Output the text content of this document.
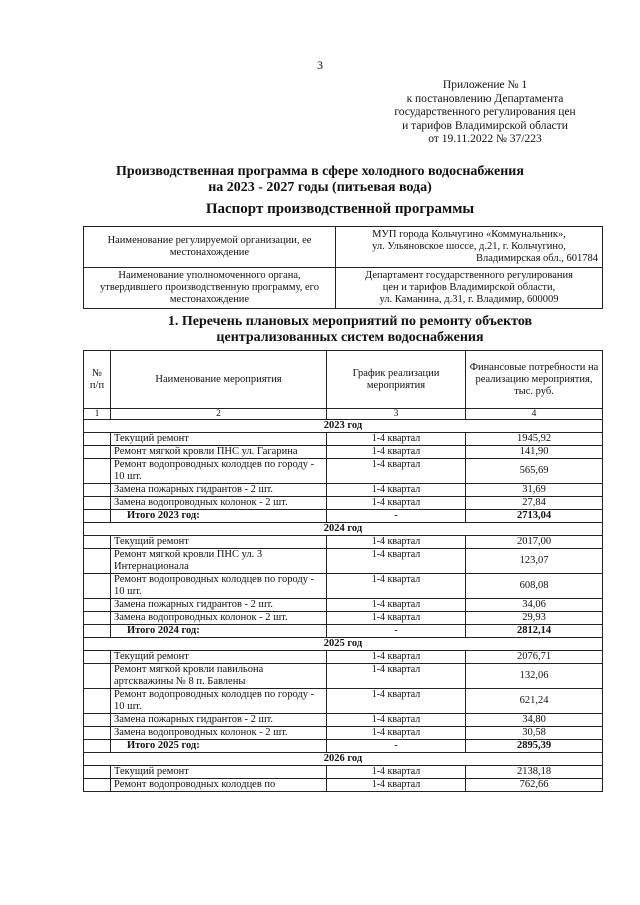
3
Приложение № 1
к постановлению Департамента
государственного регулирования цен
и тарифов Владимирской области
от 19.11.2022 № 37/223
Производственная программа в сфере холодного водоснабжения
на 2023 - 2027 годы (питьевая вода)
Паспорт производственной программы
Наименование регулируемой организации, ее местонахождение	МУП города Кольчугино «Коммунальник»,
ул. Ульяновское шоссе, д.21, г. Кольчугино,
Владимирская обл., 601784

Наименование уполномоченного органа, утвердившего производственную программу, его местонахождение	Департамент государственного регулирования
цен и тарифов Владимирской области,
ул. Каманина, д.31, г. Владимир, 600009
1. Перечень плановых мероприятий по ремонту объектов
централизованных систем водоснабжения
№ п/п	Наименование мероприятия	График реализации мероприятия	Финансовые потребности на реализацию мероприятия, тыс. руб.
1	2	3	4
2023 год			
	Текущий ремонт	1-4 квартал	1945,92
	Ремонт мягкой кровли ПНС ул. Гагарина	1-4 квартал	141,90
	Ремонт водопроводных колодцев по городу - 10 шт.	1-4 квартал	565,69
	Замена пожарных гидрантов - 2 шт.	1-4 квартал	31,69
	Замена водопроводных колонок - 2 шт.	1-4 квартал	27,84
	Итого 2023 год:	-	2713,04
2024 год			
	Текущий ремонт	1-4 квартал	2017,00
	Ремонт мягкой кровли ПНС ул. 3 Интернационала	1-4 квартал	123,07
	Ремонт водопроводных колодцев по городу - 10 шт.	1-4 квартал	608,08
	Замена пожарных гидрантов - 2 шт.	1-4 квартал	34,06
	Замена водопроводных колонок - 2 шт.	1-4 квартал	29,93
	Итого 2024 год:	-	2812,14
2025 год			
	Текущий ремонт	1-4 квартал	2076,71
	Ремонт мягкой кровли павильона артскважины № 8 п. Бавлены	1-4 квартал	132,06
	Ремонт водопроводных колодцев по городу - 10 шт.	1-4 квартал	621,24
	Замена пожарных гидрантов - 2 шт.	1-4 квартал	34,80
	Замена водопроводных колонок - 2 шт.	1-4 квартал	30,58
	Итого 2025 год:	-	2895,39
2026 год			
	Текущий ремонт	1-4 квартал	2138,18
	Ремонт водопроводных колодцев по	1-4 квартал	762,66
